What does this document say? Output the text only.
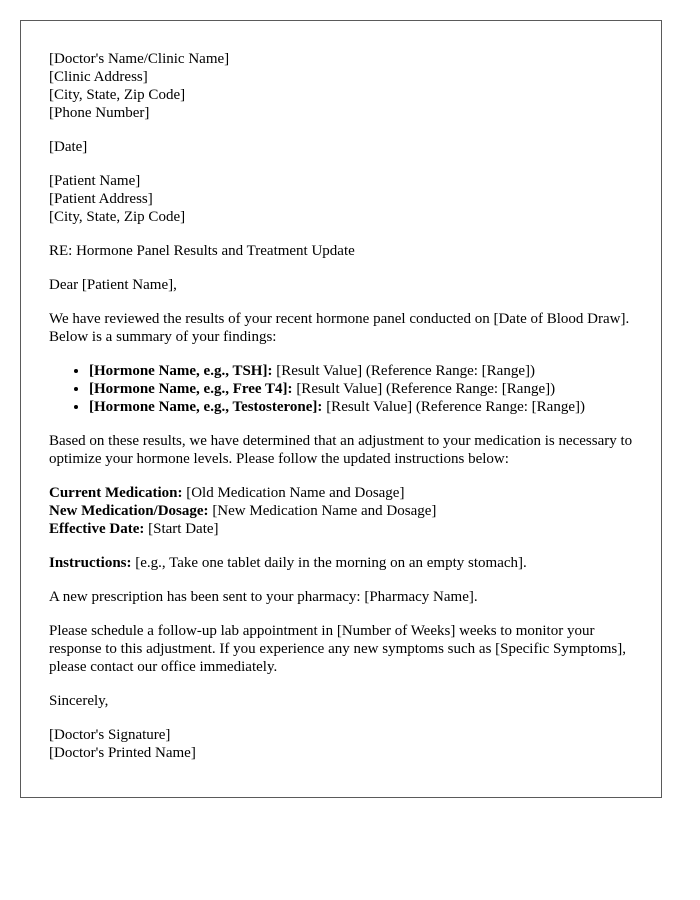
[Doctor's Name/Clinic Name]
[Clinic Address]
[City, State, Zip Code]
[Phone Number]
[Date]
[Patient Name]
[Patient Address]
[City, State, Zip Code]
RE: Hormone Panel Results and Treatment Update
Dear [Patient Name],
We have reviewed the results of your recent hormone panel conducted on [Date of Blood Draw]. Below is a summary of your findings:
• [Hormone Name, e.g., TSH]: [Result Value] (Reference Range: [Range])
• [Hormone Name, e.g., Free T4]: [Result Value] (Reference Range: [Range])
• [Hormone Name, e.g., Testosterone]: [Result Value] (Reference Range: [Range])
Based on these results, we have determined that an adjustment to your medication is necessary to optimize your hormone levels. Please follow the updated instructions below:
Current Medication: [Old Medication Name and Dosage]
New Medication/Dosage: [New Medication Name and Dosage]
Effective Date: [Start Date]
Instructions: [e.g., Take one tablet daily in the morning on an empty stomach].
A new prescription has been sent to your pharmacy: [Pharmacy Name].
Please schedule a follow-up lab appointment in [Number of Weeks] weeks to monitor your response to this adjustment. If you experience any new symptoms such as [Specific Symptoms], please contact our office immediately.
Sincerely,
[Doctor's Signature]
[Doctor's Printed Name]
